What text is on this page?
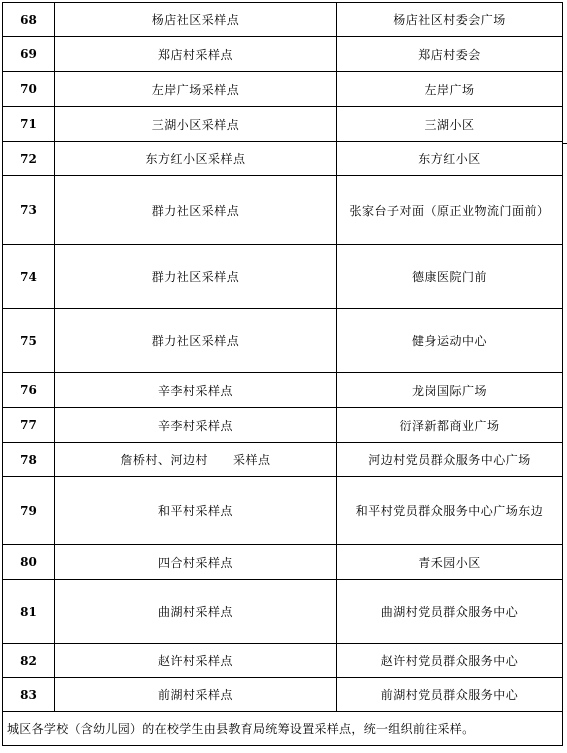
68	杨店社区采样点	杨店社区村委会广场
69	郑店村采样点	郑店村委会
70	左岸广场采样点	左岸广场
71	三湖小区采样点	三湖小区
72	东方红小区采样点	东方红小区
73	群力社区采样点	张家台子对面（原正业物流门面前）
74	群力社区采样点	德康医院门前
75	群力社区采样点	健身运动中心
76	辛李村采样点	龙岗国际广场
77	辛李村采样点	衍泽新都商业广场
78	詹桥村、河边村　　采样点	河边村党员群众服务中心广场
79	和平村采样点	和平村党员群众服务中心广场东边
80	四合村采样点	青禾园小区
81	曲湖村采样点	曲湖村党员群众服务中心
82	赵许村采样点	赵许村党员群众服务中心
83	前湖村采样点	前湖村党员群众服务中心
城区各学校（含幼儿园）的在校学生由县教育局统筹设置采样点，统一组织前往采样。		
